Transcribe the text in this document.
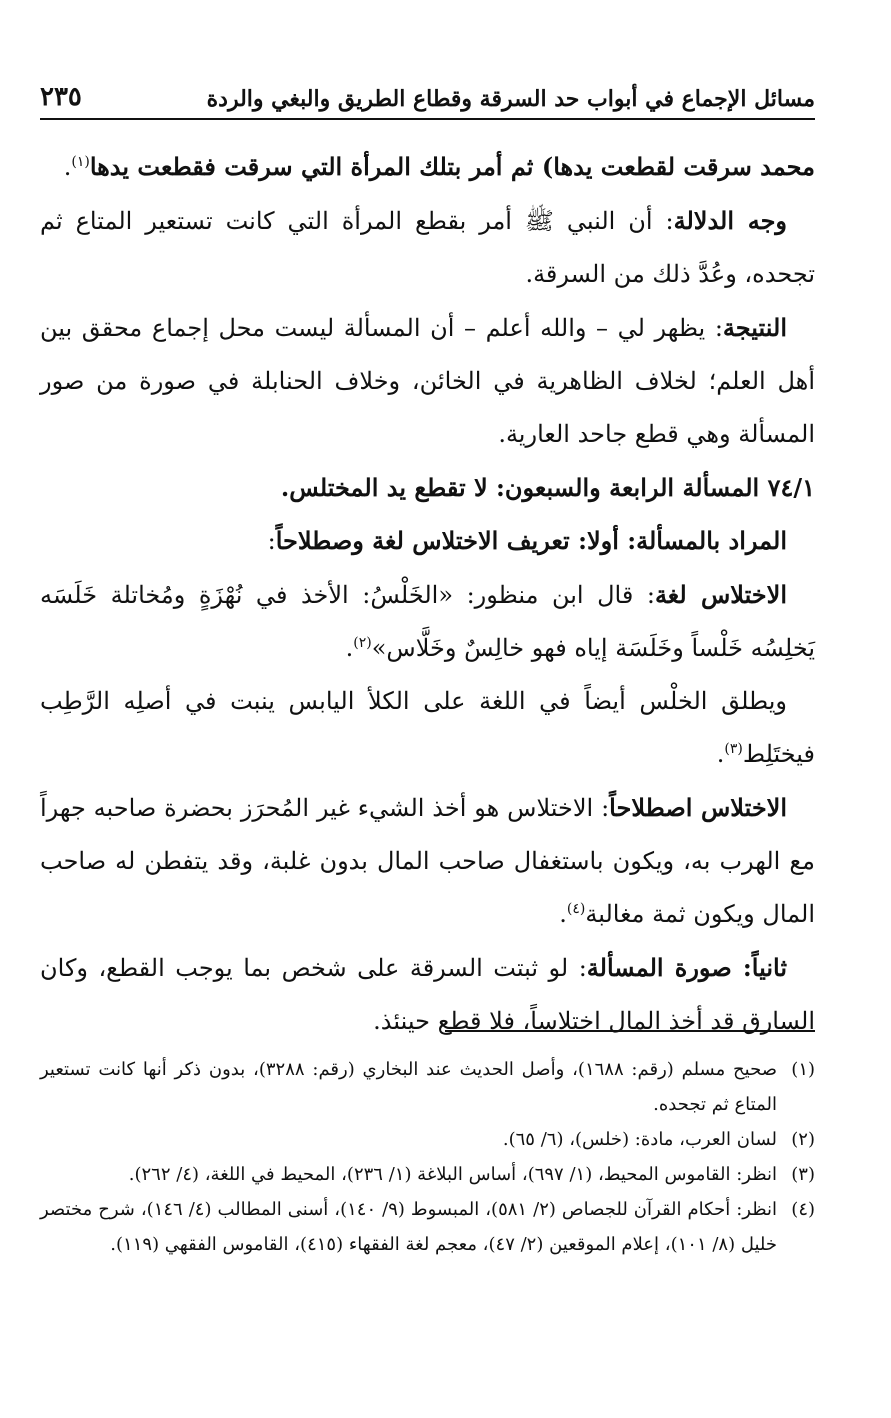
مسائل الإجماع في أبواب حد السرقة وقطاع الطريق والبغي والردة
٢٣٥

محمد سرقت لقطعت يدها) ثم أمر بتلك المرأة التي سرقت فقطعت يدها$^{(١)}$.

وجه الدلالة: أن النبي ﷺ أمر بقطع المرأة التي كانت تستعير المتاع ثم تجحده، وعُدَّ ذلك من السرقة.

النتيجة: يظهر لي – والله أعلم – أن المسألة ليست محل إجماع محقق بين أهل العلم؛ لخلاف الظاهرية في الخائن، وخلاف الحنابلة في صورة من صور المسألة وهي قطع جاحد العارية.

٧٤/١ المسألة الرابعة والسبعون: لا تقطع يد المختلس.

المراد بالمسألة: أولا: تعريف الاختلاس لغة وصطلاحاً:

الاختلاس لغة: قال ابن منظور: «الخَلْسُ: الأخذ في نُهْزَةٍ ومُخاتلة خَلَسَه يَخلِسُه خَلْساً وخَلَسَة إياه فهو خالِسٌ وخَلَّاس»$^{(٢)}$.

ويطلق الخلْس أيضاً في اللغة على الكلأ اليابس ينبت في أصلِه الرَّطِب فيختَلِط$^{(٣)}$.

الاختلاس اصطلاحاً: الاختلاس هو أخذ الشيء غير المُحرَز بحضرة صاحبه جهراً مع الهرب به، ويكون باستغفال صاحب المال بدون غلبة، وقد يتفطن له صاحب المال ويكون ثمة مغالبة$^{(٤)}$.

ثانياً: صورة المسألة: لو ثبتت السرقة على شخص بما يوجب القطع، وكان السارق قد أخذ المال اختلاساً، فلا قطع حينئذ.

(١)صحيح مسلم (رقم: ١٦٨٨)، وأصل الحديث عند البخاري (رقم: ٣٢٨٨)، بدون ذكر أنها كانت تستعير المتاع ثم تجحده.

(٢)لسان العرب، مادة: (خلس)، (٦/ ٦٥).

(٣)انظر: القاموس المحيط، (١/ ٦٩٧)، أساس البلاغة (١/ ٢٣٦)، المحيط في اللغة، (٤/ ٢٦٢).

(٤)انظر: أحكام القرآن للجصاص (٢/ ٥٨١)، المبسوط (٩/ ١٤٠)، أسنى المطالب (٤/ ١٤٦)، شرح مختصر خليل (٨/ ١٠١)، إعلام الموقعين (٢/ ٤٧)، معجم لغة الفقهاء (٤١٥)، القاموس الفقهي (١١٩).
